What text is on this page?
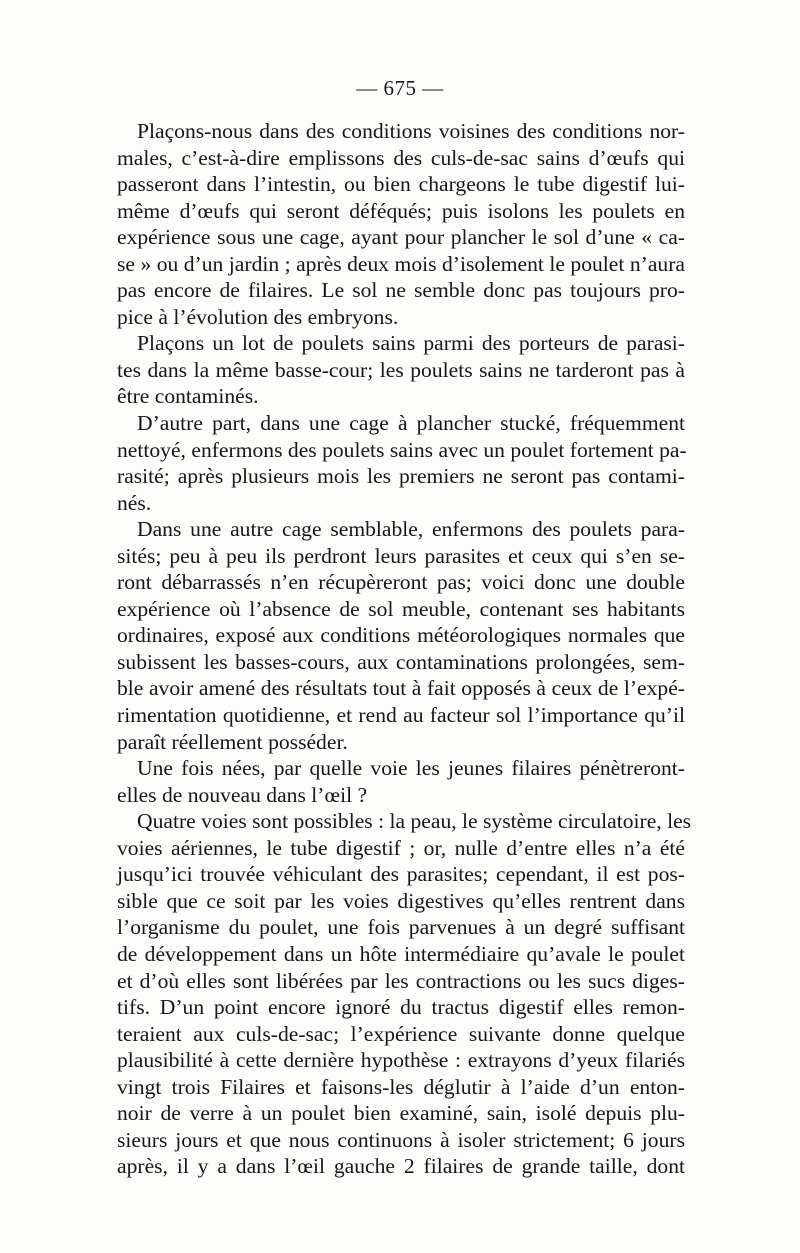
— 675 —
Plaçons-nous dans des conditions voisines des conditions nor-
males, c’est-à-dire emplissons des culs-de-sac sains d’œufs qui
passeront dans l’intestin, ou bien chargeons le tube digestif lui-
même d’œufs qui seront déféqués; puis isolons les poulets en
expérience sous une cage, ayant pour plancher le sol d’une « ca-
se » ou d’un jardin ; après deux mois d’isolement le poulet n’aura
pas encore de filaires. Le sol ne semble donc pas toujours pro-
pice à l’évolution des embryons.
Plaçons un lot de poulets sains parmi des porteurs de parasi-
tes dans la même basse-cour; les poulets sains ne tarderont pas à
être contaminés.
D’autre part, dans une cage à plancher stucké, fréquemment
nettoyé, enfermons des poulets sains avec un poulet fortement pa-
rasité; après plusieurs mois les premiers ne seront pas contami-
nés.
Dans une autre cage semblable, enfermons des poulets para-
sités; peu à peu ils perdront leurs parasites et ceux qui s’en se-
ront débarrassés n’en récupèreront pas; voici donc une double
expérience où l’absence de sol meuble, contenant ses habitants
ordinaires, exposé aux conditions météorologiques normales que
subissent les basses-cours, aux contaminations prolongées, sem-
ble avoir amené des résultats tout à fait opposés à ceux de l’expé-
rimentation quotidienne, et rend au facteur sol l’importance qu’il
paraît réellement posséder.
Une fois nées, par quelle voie les jeunes filaires pénètreront-
elles de nouveau dans l’œil ?
Quatre voies sont possibles : la peau, le système circulatoire, les
voies aériennes, le tube digestif ; or, nulle d’entre elles n’a été
jusqu’ici trouvée véhiculant des parasites; cependant, il est pos-
sible que ce soit par les voies digestives qu’elles rentrent dans
l’organisme du poulet, une fois parvenues à un degré suffisant
de développement dans un hôte intermédiaire qu’avale le poulet
et d’où elles sont libérées par les contractions ou les sucs diges-
tifs. D’un point encore ignoré du tractus digestif elles remon-
teraient aux culs-de-sac; l’expérience suivante donne quelque
plausibilité à cette dernière hypothèse : extrayons d’yeux filariés
vingt trois Filaires et faisons-les déglutir à l’aide d’un enton-
noir de verre à un poulet bien examiné, sain, isolé depuis plu-
sieurs jours et que nous continuons à isoler strictement; 6 jours
après, il y a dans l’œil gauche 2 filaires de grande taille, dont
